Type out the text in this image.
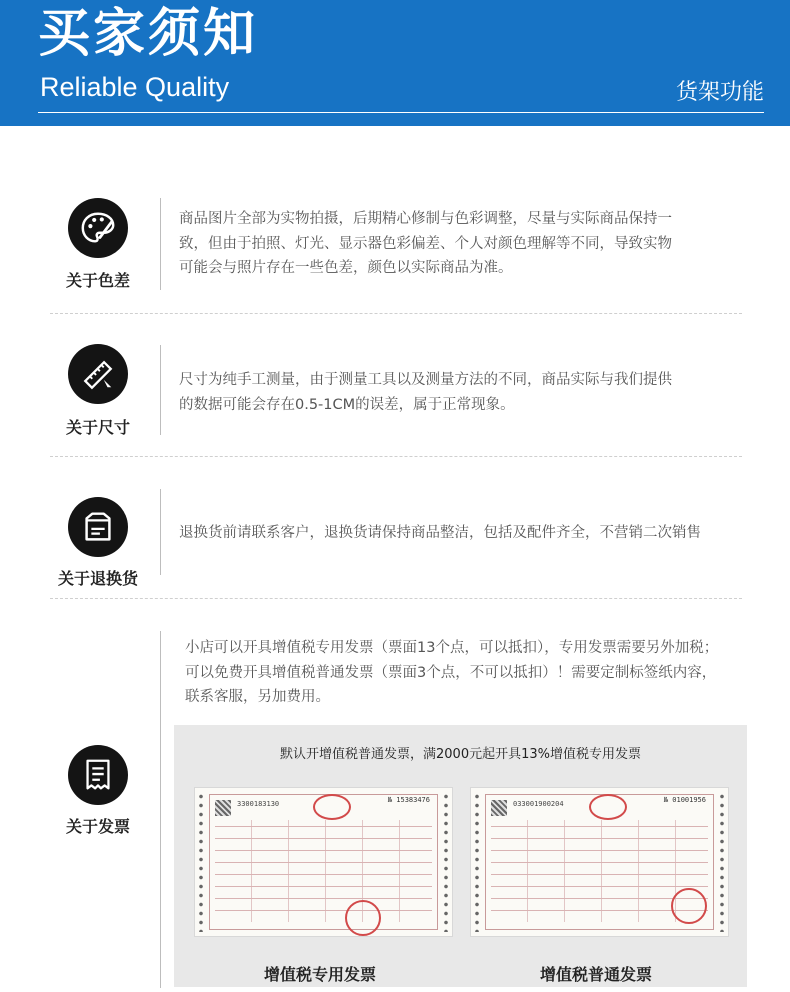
买家须知
Reliable Quality	货架功能
关于色差
商品图片全部为实物拍摄，后期精心修制与色彩调整，尽量与实际商品保持一
致，但由于拍照、灯光、显示器色彩偏差、个人对颜色理解等不同，导致实物
可能会与照片存在一些色差，颜色以实际商品为准。
关于尺寸
尺寸为纯手工测量，由于测量工具以及测量方法的不同，商品实际与我们提供
的数据可能会存在0.5-1CM的误差，属于正常现象。
关于退换货
退换货前请联系客户，退换货请保持商品整洁，包括及配件齐全，不营销二次销售
小店可以开具增值税专用发票（票面13个点，可以抵扣），专用发票需要另外加税；
可以免费开具增值税普通发票（票面3个点，不可以抵扣）！需要定制标签纸内容，
联系客服，另加费用。
关于发票
默认开增值税普通发票，满2000元起开具13%增值税专用发票
3300183130	№ 15383476	033001900204	№ 01001956
增值税专用发票	增值税普通发票
